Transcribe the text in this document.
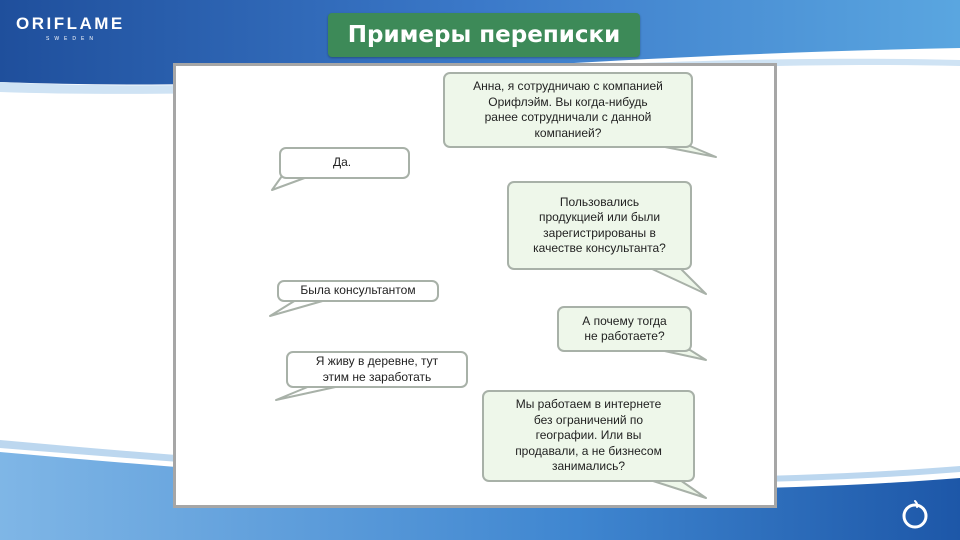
ORIFLAME
SWEDEN	Примеры переписки
Анна, я сотрудничаю с компанией
Орифлэйм. Вы когда-нибудь
ранее сотрудничали с данной
компанией?
Да.
Пользовались
продукцией или были
зарегистрированы в
качестве консультанта?
Была консультантом
А почему тогда
не работаете?
Я живу в деревне, тут
этим не заработать
Мы работаем в интернете
без ограничений по
географии. Или вы
продавали, а не бизнесом
занимались?
